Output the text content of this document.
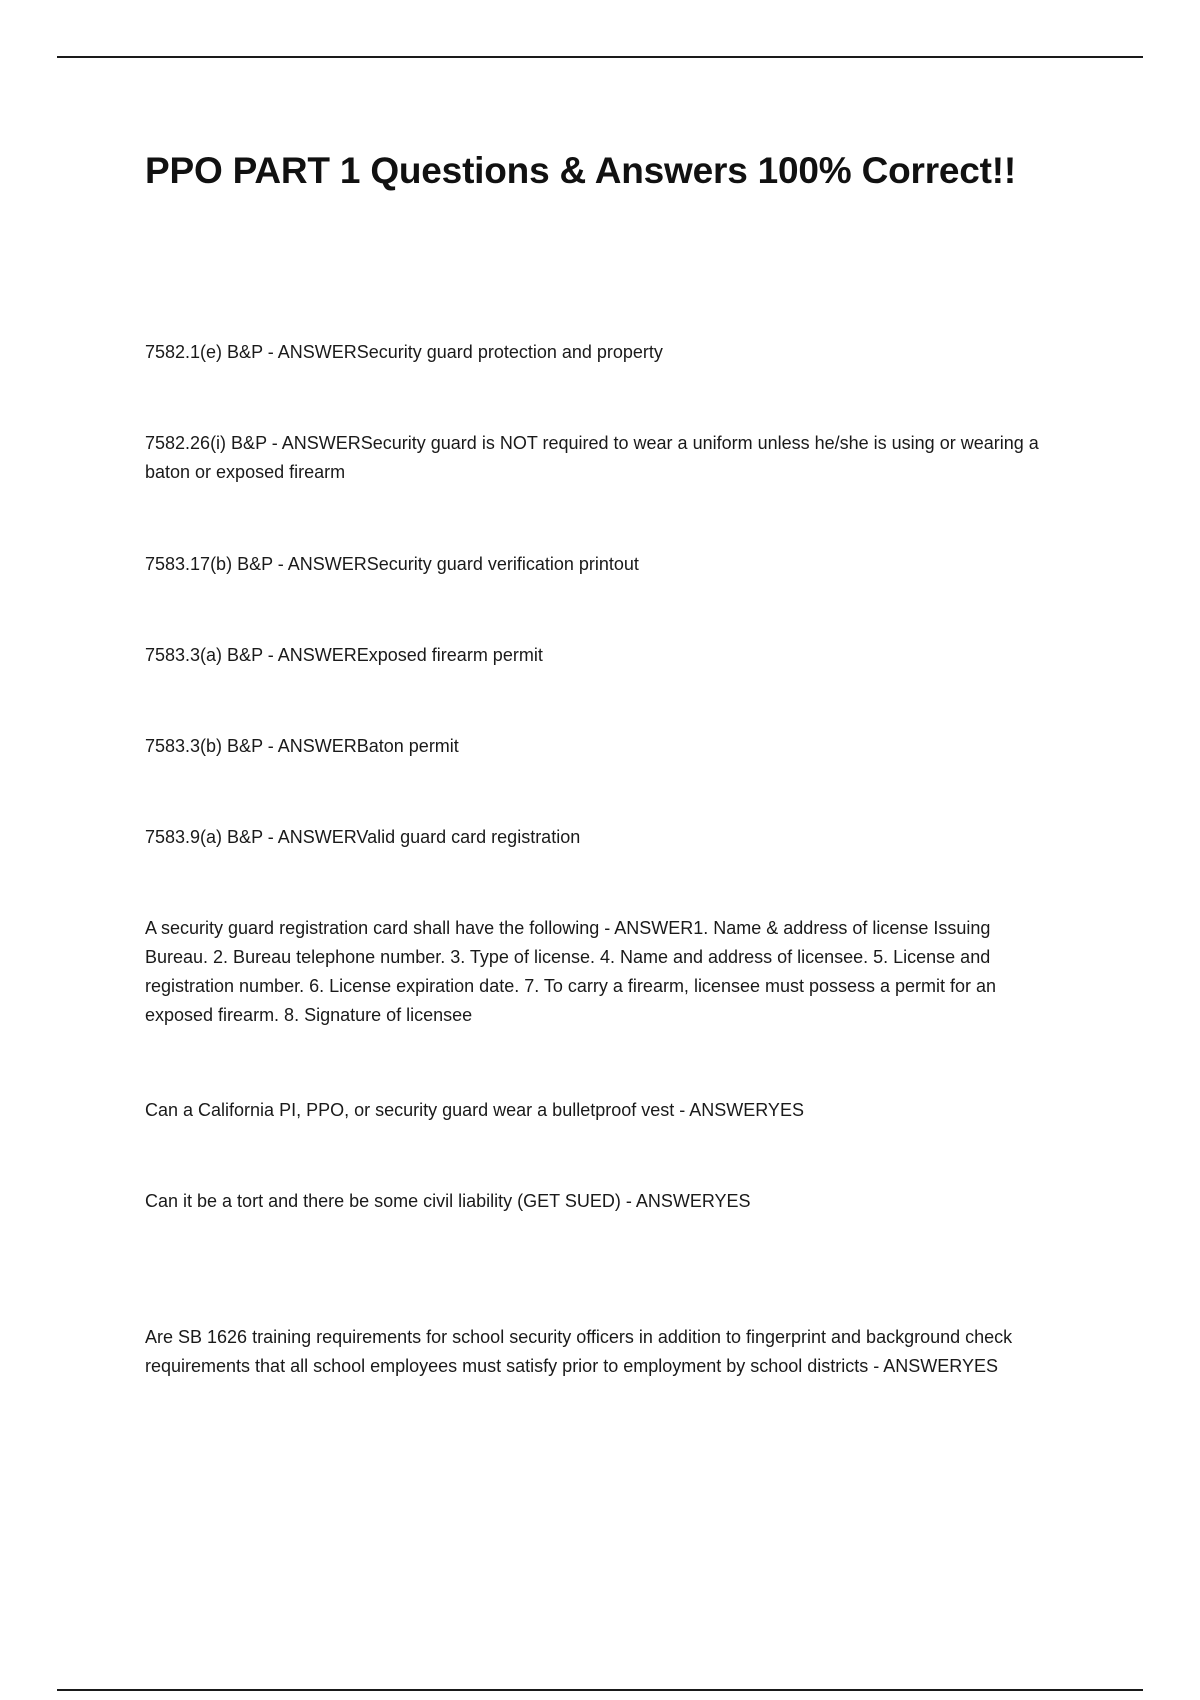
PPO PART 1 Questions & Answers 100% Correct!!

7582.1(e) B&P - ANSWERSecurity guard protection and property

7582.26(i) B&P - ANSWERSecurity guard is NOT required to wear a uniform unless he/she is using or wearing a baton or exposed firearm

7583.17(b) B&P - ANSWERSecurity guard verification printout

7583.3(a) B&P - ANSWERExposed firearm permit

7583.3(b) B&P - ANSWERBaton permit

7583.9(a) B&P - ANSWERValid guard card registration

A security guard registration card shall have the following - ANSWER1. Name & address of license Issuing Bureau. 2. Bureau telephone number. 3. Type of license. 4. Name and address of licensee. 5. License and registration number. 6. License expiration date. 7. To carry a firearm, licensee must possess a permit for an exposed firearm. 8. Signature of licensee

Can a California PI, PPO, or security guard wear a bulletproof vest - ANSWERYES

Can it be a tort and there be some civil liability (GET SUED) - ANSWERYES

Are SB 1626 training requirements for school security officers in addition to fingerprint and background check requirements that all school employees must satisfy prior to employment by school districts - ANSWERYES
